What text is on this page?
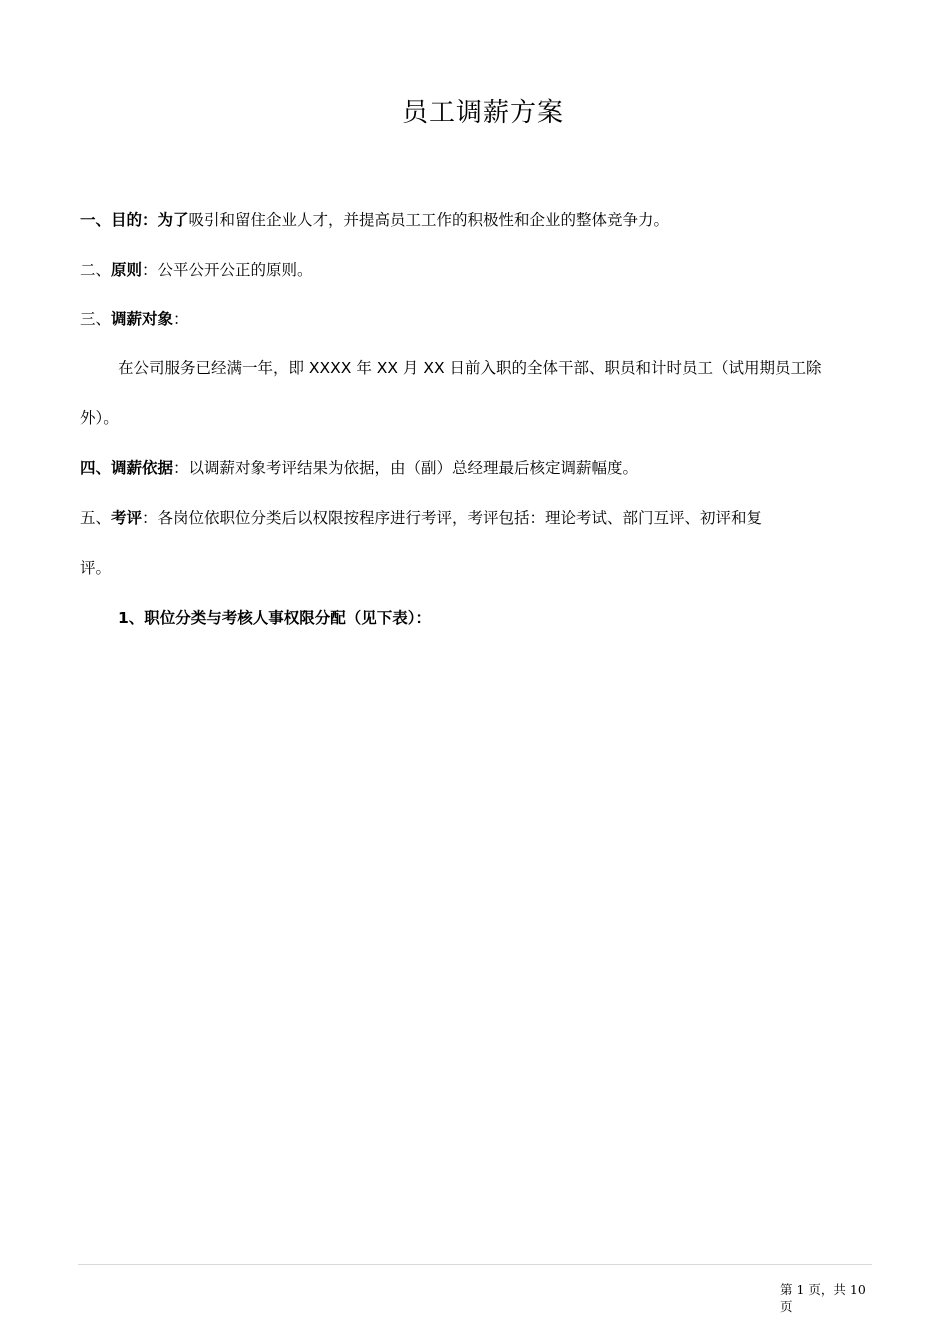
员工调薪方案
一、目的：为了吸引和留住企业人才，并提高员工工作的积极性和企业的整体竞争力。
二、原则：公平公开公正的原则。
三、调薪对象：
在公司服务已经满一年，即 XXXX 年 XX 月 XX 日前入职的全体干部、职员和计时员工（试用期员工除
外）。
四、调薪依据：以调薪对象考评结果为依据，由（副）总经理最后核定调薪幅度。
五、考评：各岗位依职位分类后以权限按程序进行考评，考评包括：理论考试、部门互评、初评和复
评。
1、职位分类与考核人事权限分配（见下表）：
第 1 页，共 10
页
